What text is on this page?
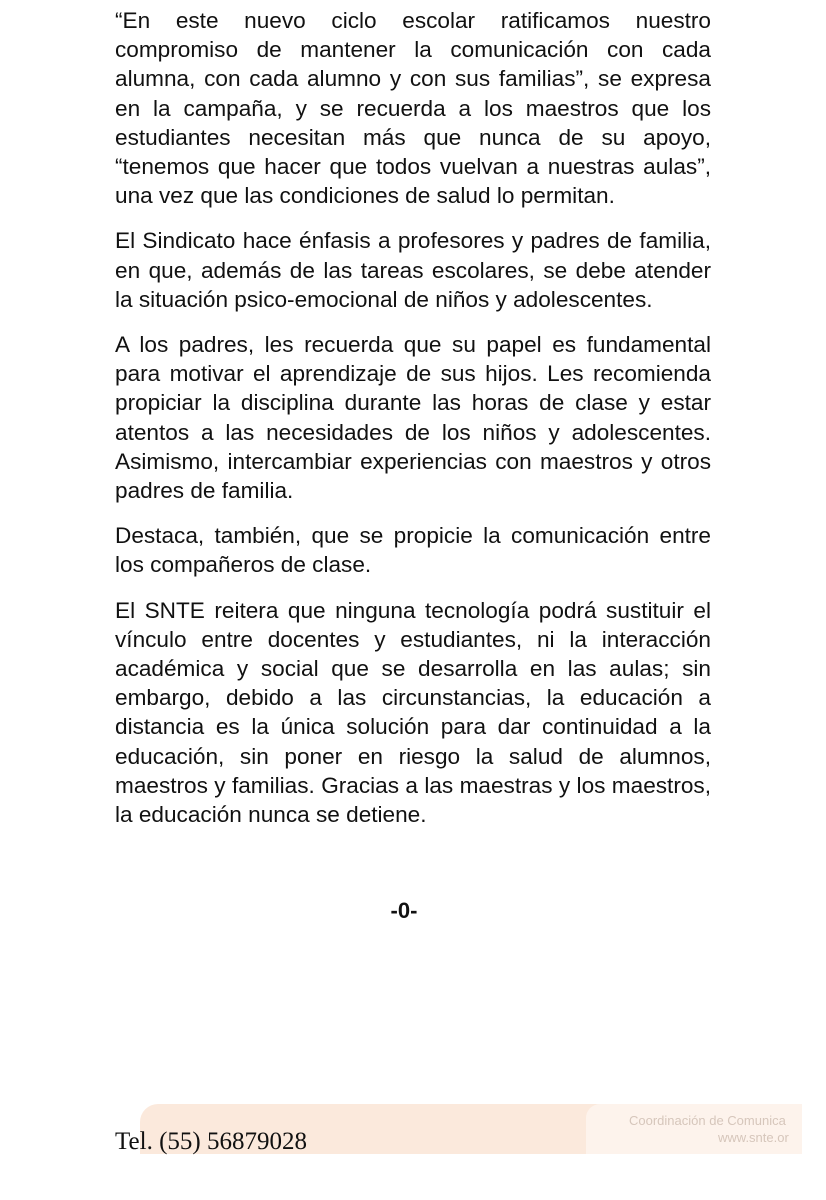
“En este nuevo ciclo escolar ratificamos nuestro compromiso de mantener la comunicación con cada alumna, con cada alumno y con sus familias”, se expresa en la campaña, y se recuerda a los maestros que los estudiantes necesitan más que nunca de su apoyo, “tenemos que hacer que todos vuelvan a nuestras aulas”, una vez que las condiciones de salud lo permitan.

El Sindicato hace énfasis a profesores y padres de familia, en que, además de las tareas escolares, se debe atender la situación psico-emocional de niños y adolescentes.

A los padres, les recuerda que su papel es fundamental para motivar el aprendizaje de sus hijos. Les recomienda propiciar la disciplina durante las horas de clase y estar atentos a las necesidades de los niños y adolescentes. Asimismo, intercambiar experiencias con maestros y otros padres de familia.

Destaca, también, que se propicie la comunicación entre los compañeros de clase.

El SNTE reitera que ninguna tecnología podrá sustituir el vínculo entre docentes y estudiantes, ni la interacción académica y social que se desarrolla en las aulas; sin embargo, debido a las circunstancias, la educación a distancia es la única solución para dar continuidad a la educación, sin poner en riesgo la salud de alumnos, maestros y familias. Gracias a las maestras y los maestros, la educación nunca se detiene.

-0-
Coordinación de Comunica
www.snte.or
Tel. (55) 56879028
